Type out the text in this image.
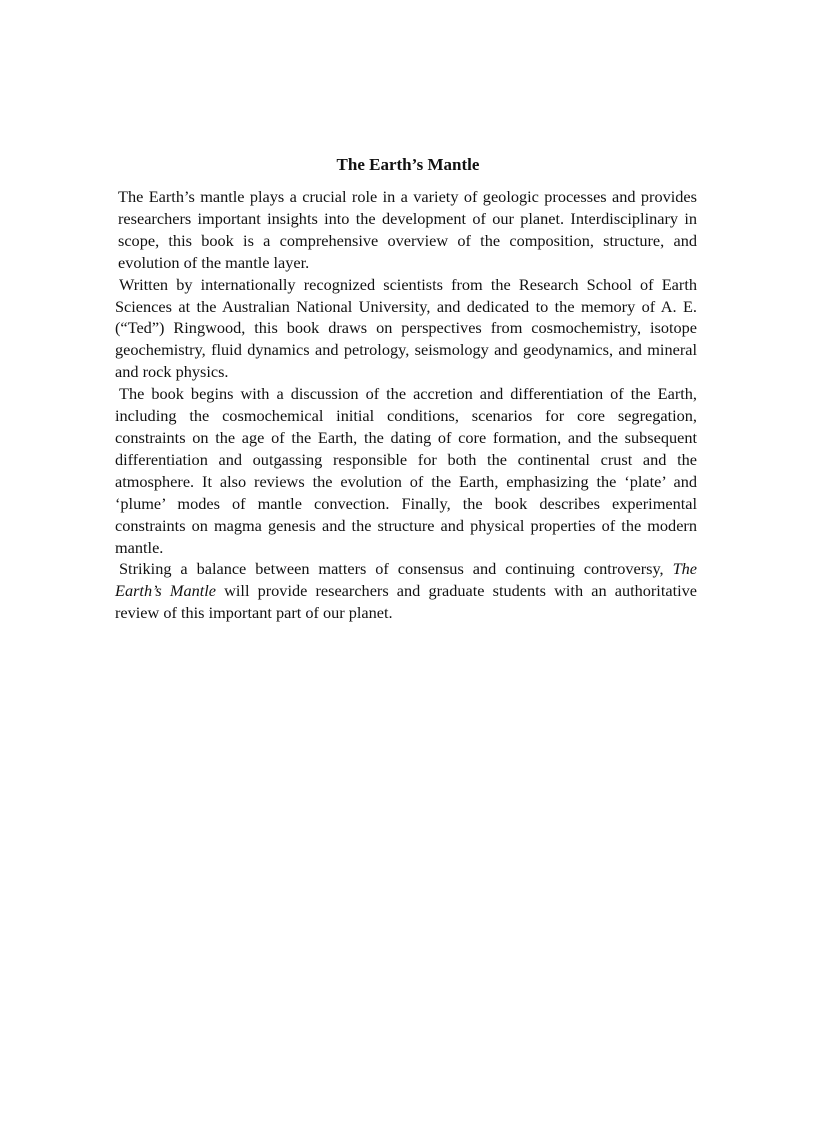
The Earth’s Mantle

The Earth’s mantle plays a crucial role in a variety of geologic processes and provides researchers important insights into the development of our planet. Interdisciplinary in scope, this book is a comprehensive overview of the composition, structure, and evolution of the mantle layer.

Written by internationally recognized scientists from the Research School of Earth Sciences at the Australian National University, and dedicated to the memory of A. E. (“Ted”) Ringwood, this book draws on perspectives from cosmochemistry, isotope geochemistry, fluid dynamics and petrology, seismology and geodynamics, and mineral and rock physics.

The book begins with a discussion of the accretion and differentiation of the Earth, including the cosmochemical initial conditions, scenarios for core segregation, constraints on the age of the Earth, the dating of core formation, and the subsequent differentiation and outgassing responsible for both the continental crust and the atmosphere. It also reviews the evolution of the Earth, emphasizing the ‘plate’ and ‘plume’ modes of mantle convection. Finally, the book describes experimental constraints on magma genesis and the structure and physical properties of the modern mantle.

Striking a balance between matters of consensus and continuing controversy, The Earth’s Mantle will provide researchers and graduate students with an authoritative review of this important part of our planet.
